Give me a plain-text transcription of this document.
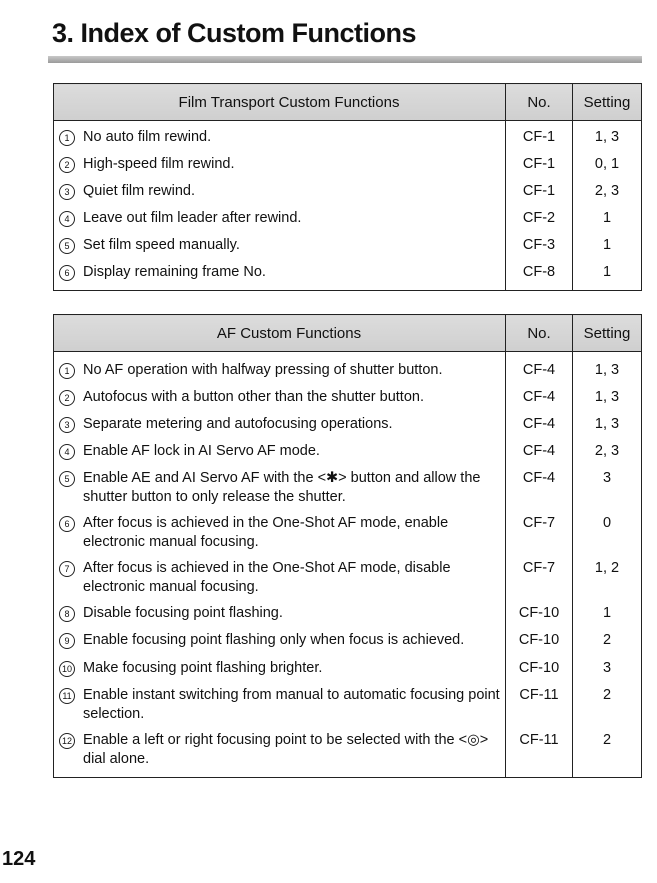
3. Index of Custom Functions
Film Transport Custom Functions	No.	Setting

1 No auto film rewind.	CF-1	1, 3

2 High-speed film rewind.	CF-1	0, 1

3 Quiet film rewind.	CF-1	2, 3

4 Leave out film leader after rewind.	CF-2	1

5 Set film speed manually.	CF-3	1

6 Display remaining frame No.	CF-8	1
AF Custom Functions	No.	Setting

1 No AF operation with halfway pressing of shutter button.	CF-4	1, 3

2 Autofocus with a button other than the shutter button.	CF-4	1, 3

3 Separate metering and autofocusing operations.	CF-4	1, 3

4 Enable AF lock in AI Servo AF mode.	CF-4	2, 3

5 Enable AE and AI Servo AF with the <✱> button and allow the shutter button to only release the shutter.	CF-4	3

6 After focus is achieved in the One-Shot AF mode, enable electronic manual focusing.	CF-7	0

7 After focus is achieved in the One-Shot AF mode, disable electronic manual focusing.	CF-7	1, 2

8 Disable focusing point flashing.	CF-10	1

9 Enable focusing point flashing only when focus is achieved.	CF-10	2

10 Make focusing point flashing brighter.	CF-10	3

11 Enable instant switching from manual to automatic focusing point selection.	CF-11	2

12 Enable a left or right focusing point to be selected with the <◎> dial alone.	CF-11	2
124
